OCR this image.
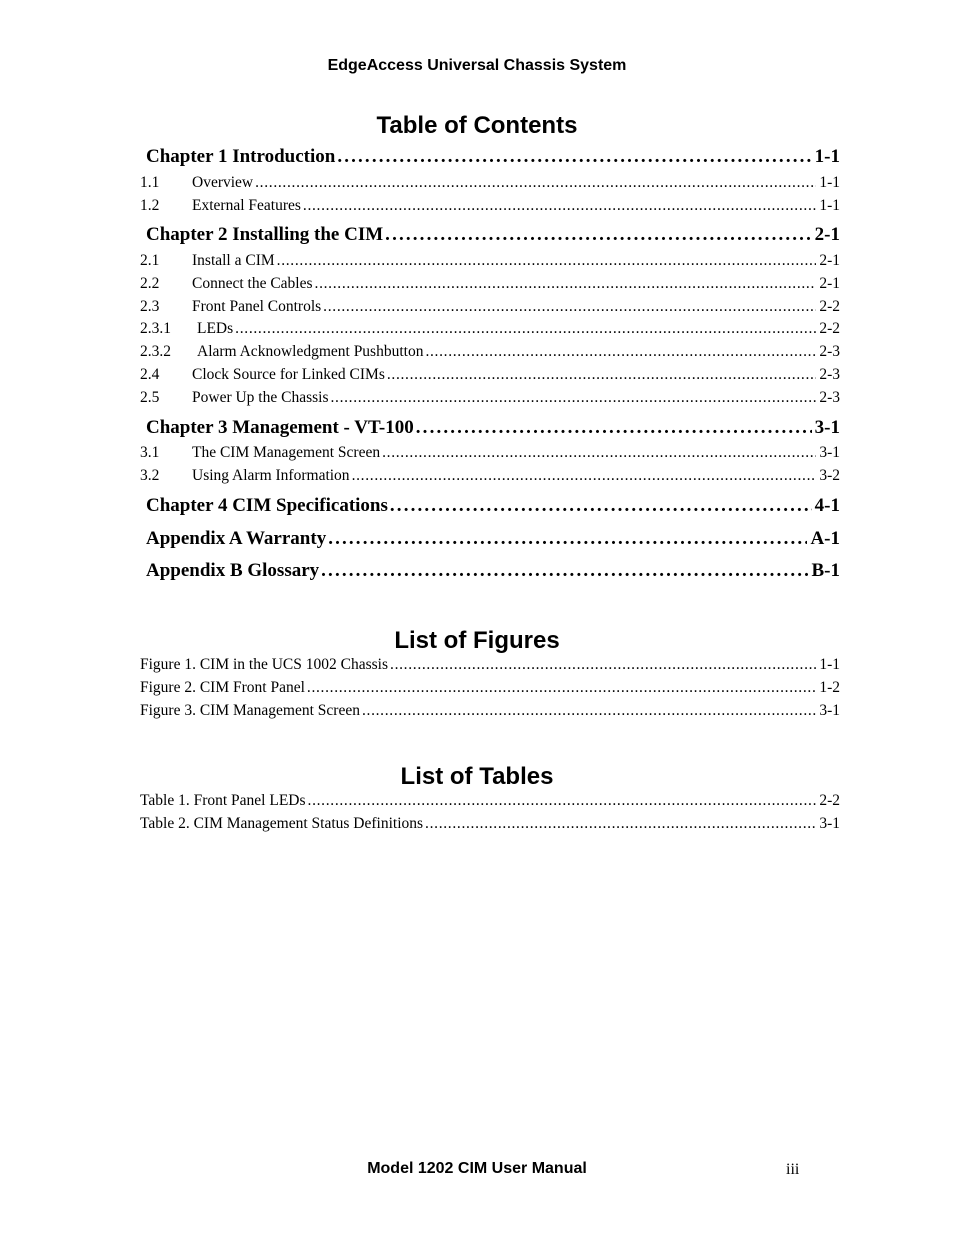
EdgeAccess Universal Chassis System
Table of Contents
Chapter 1 Introduction . . .	1-1
1.1	Overview . . .	1-1
1.2	External Features . . .	1-1
Chapter 2 Installing the CIM . . .	2-1
2.1	Install a CIM . . .	2-1
2.2	Connect the Cables . . .	2-1
2.3	Front Panel Controls . . .	2-2
2.3.1	LEDs . . .	2-2
2.3.2	Alarm Acknowledgment Pushbutton . . .	2-3
2.4	Clock Source for Linked CIMs . . .	2-3
2.5	Power Up the Chassis . . .	2-3
Chapter 3 Management - VT-100 . . .	3-1
3.1	The CIM Management Screen . . .	3-1
3.2	Using Alarm Information . . .	3-2
Chapter 4 CIM Specifications . . .	4-1
Appendix A Warranty . . .	A-1
Appendix B Glossary . . .	B-1
List of Figures
Figure 1. CIM in the UCS 1002 Chassis . . .	1-1
Figure 2. CIM Front Panel . . .	1-2
Figure 3. CIM Management Screen . . .	3-1
List of Tables
Table 1. Front Panel LEDs . . .	2-2
Table 2. CIM Management Status Definitions . . .	3-1
Model 1202 CIM User Manual	iii
